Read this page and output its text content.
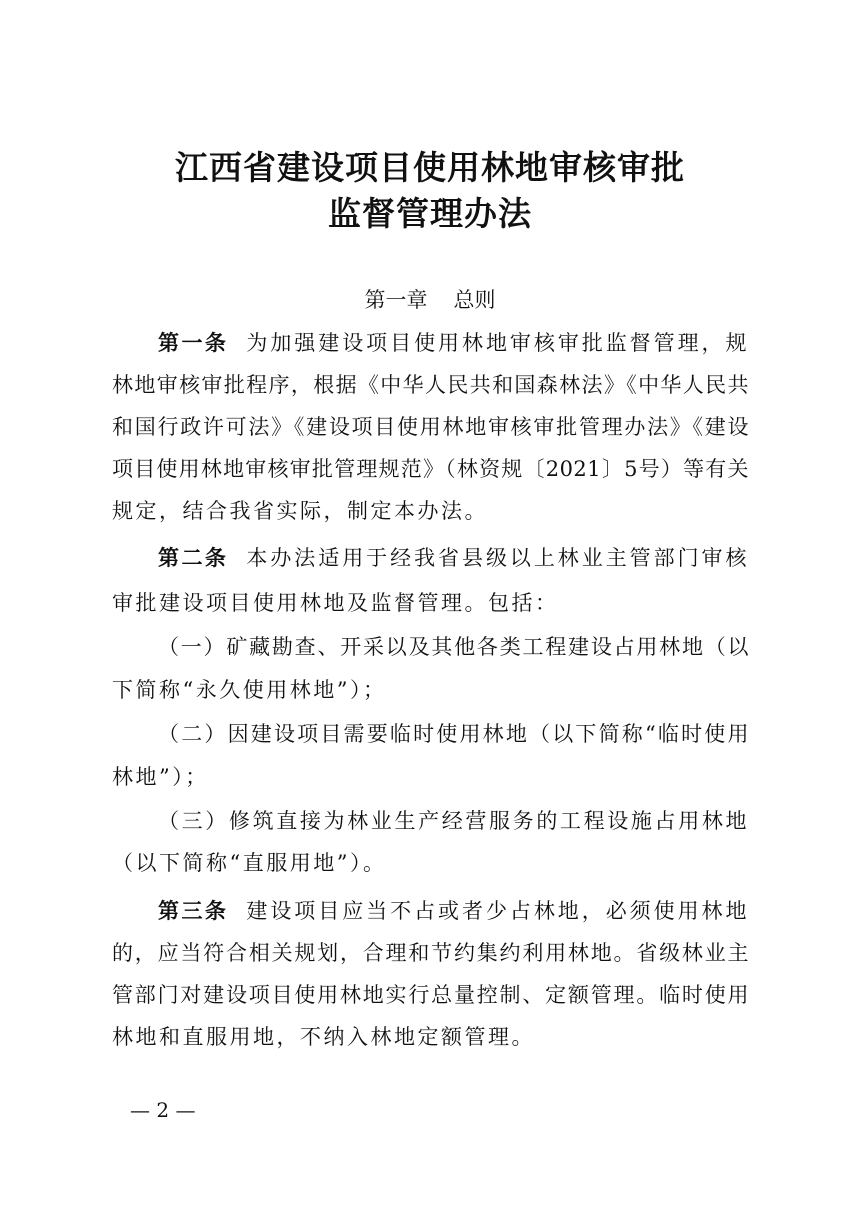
江西省建设项目使用林地审核审批
监督管理办法
第一章 总则
第一条 为加强建设项目使用林地审核审批监督管理，规
林地审核审批程序，根据《中华人民共和国森林法》《中华人民共
和国行政许可法》《建设项目使用林地审核审批管理办法》《建设
项目使用林地审核审批管理规范》（林资规〔2021〕5号）等有关
规定，结合我省实际，制定本办法。
第二条 本办法适用于经我省县级以上林业主管部门审核
审批建设项目使用林地及监督管理。包括：
（一）矿藏勘查、开采以及其他各类工程建设占用林地（以
下简称“永久使用林地”）；
（二）因建设项目需要临时使用林地（以下简称“临时使用
林地”）；
（三）修筑直接为林业生产经营服务的工程设施占用林地
（以下简称“直服用地”）。
第三条 建设项目应当不占或者少占林地，必须使用林地
的，应当符合相关规划，合理和节约集约利用林地。省级林业主
管部门对建设项目使用林地实行总量控制、定额管理。临时使用
林地和直服用地，不纳入林地定额管理。
— 2 —
